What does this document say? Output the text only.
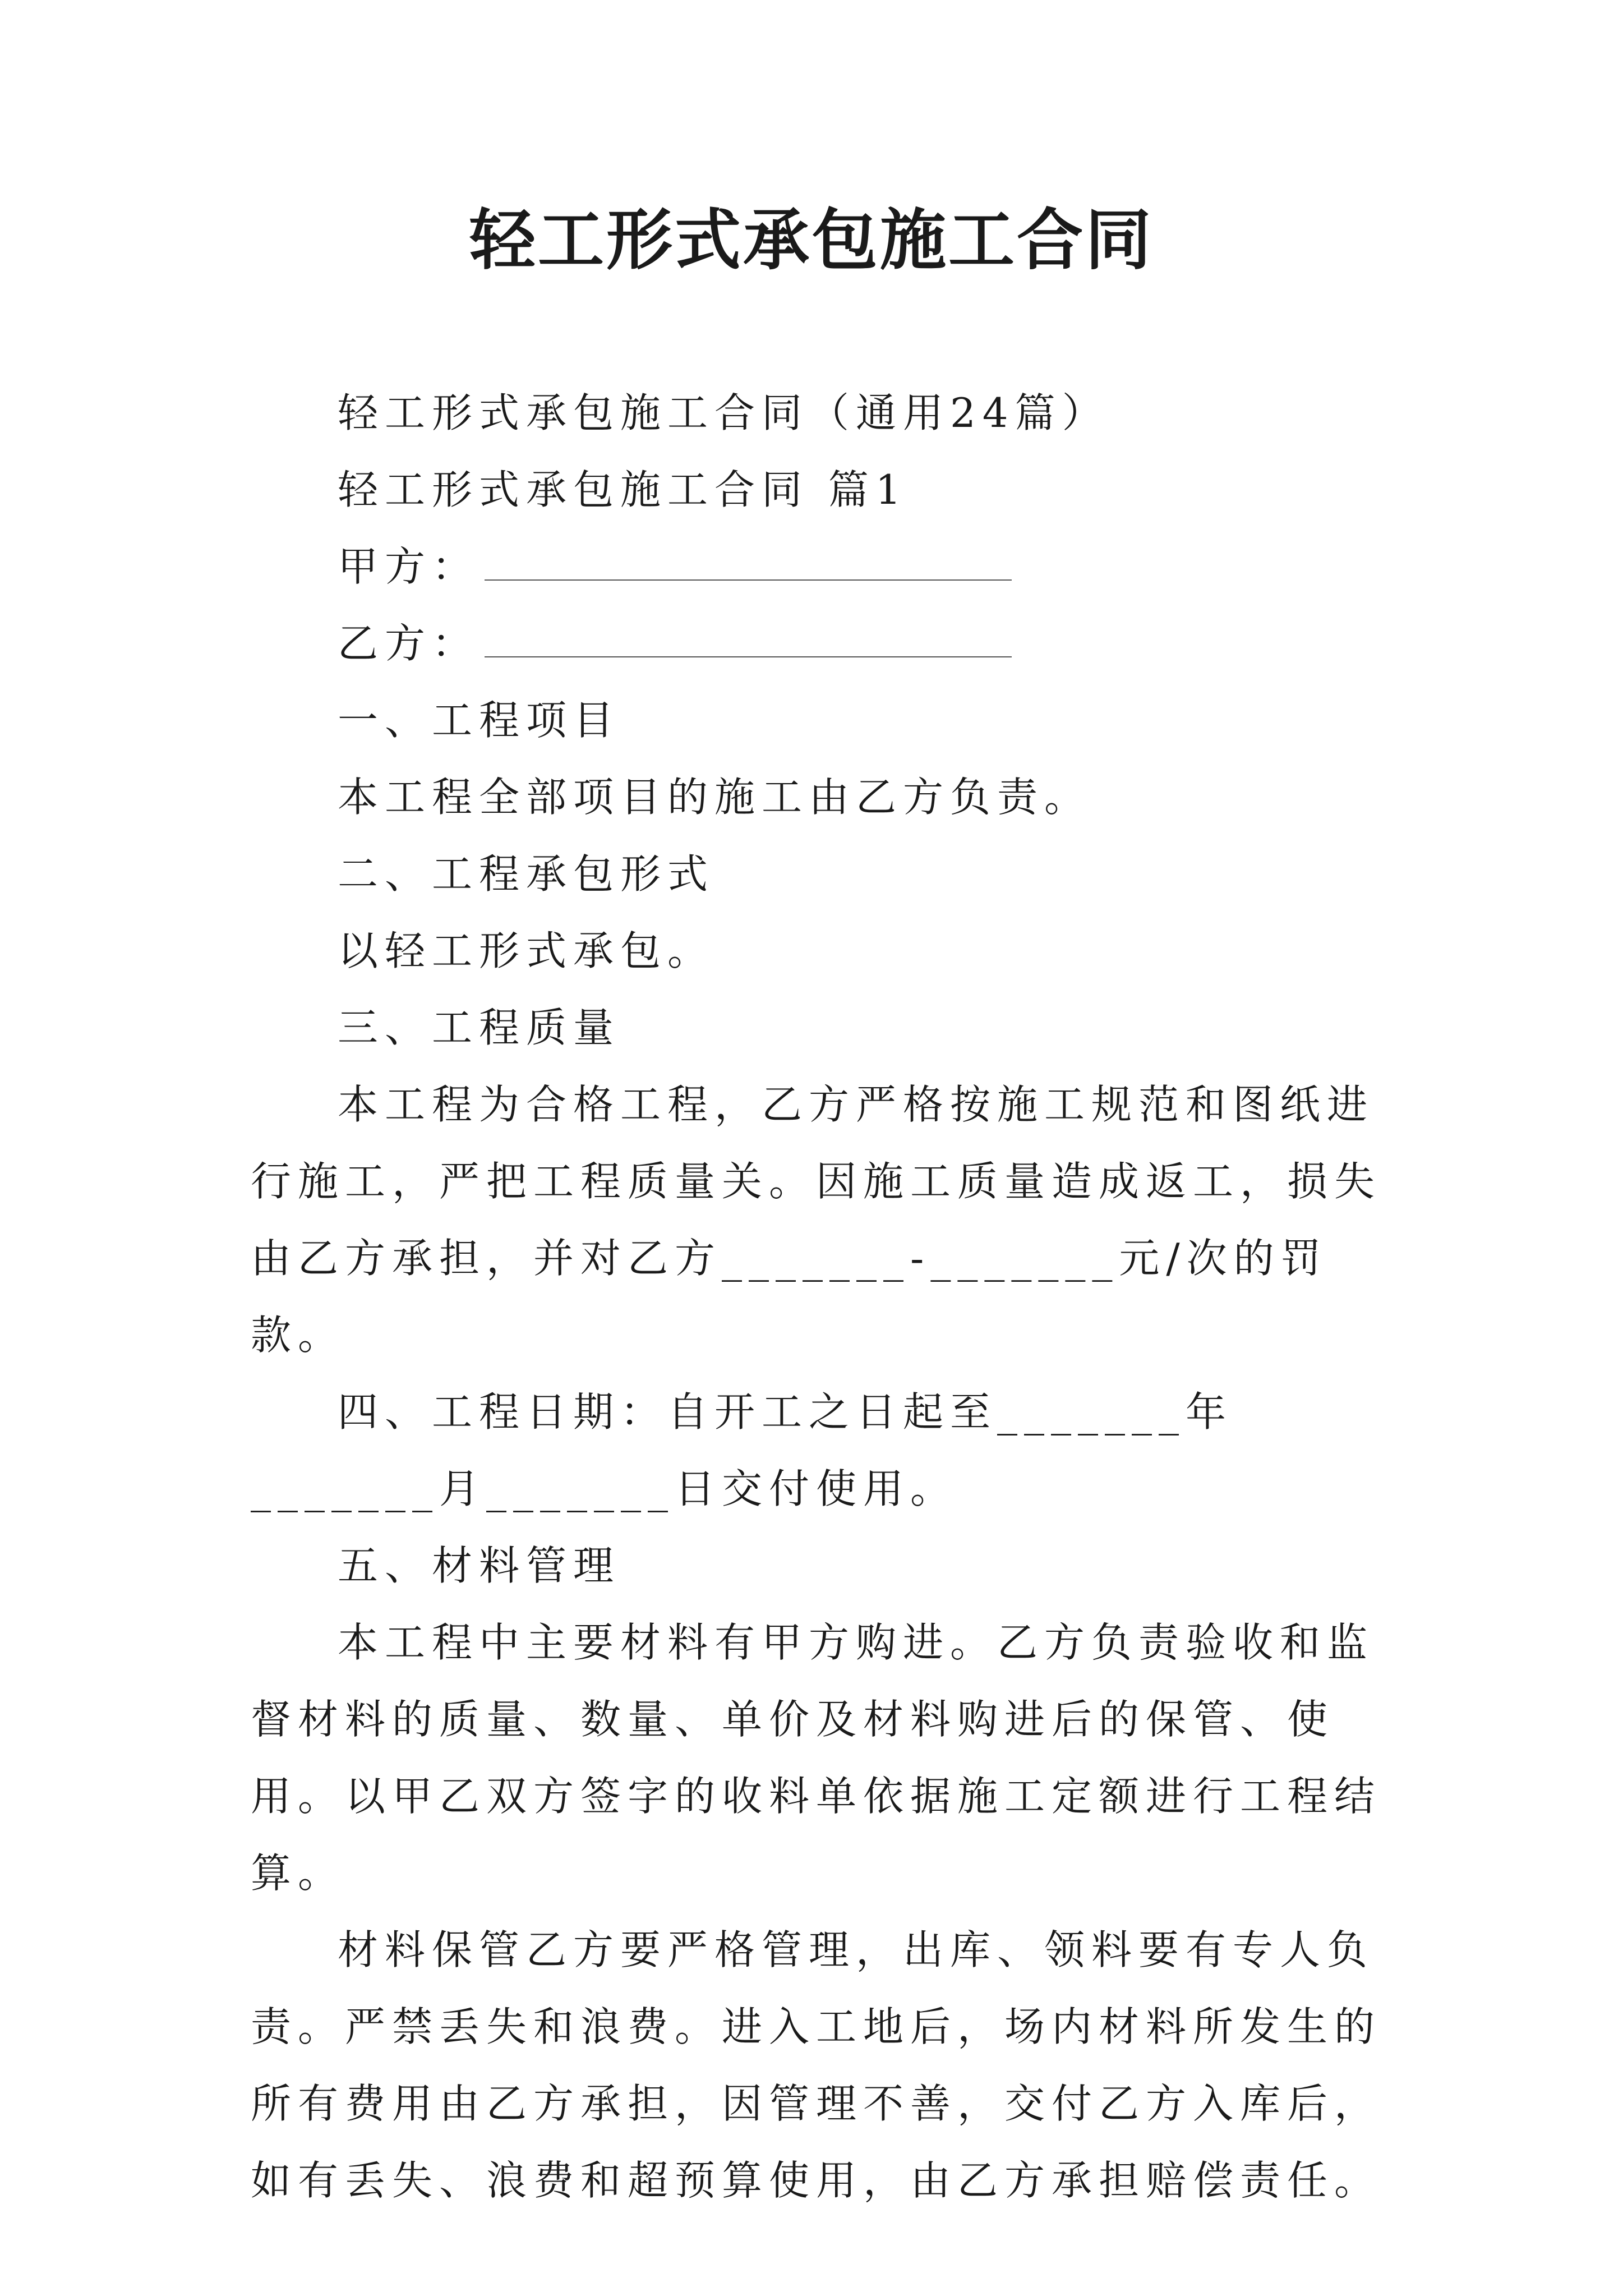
轻工形式承包施工合同

轻工形式承包施工合同（通用24篇）

轻工形式承包施工合同 篇1

甲方：

乙方：

一、工程项目

本工程全部项目的施工由乙方负责。

二、工程承包形式

以轻工形式承包。

三、工程质量

本工程为合格工程，乙方严格按施工规范和图纸进行施工，严把工程质量关。因施工质量造成返工，损失由乙方承担，并对乙方_______-_______元/次的罚款。

四、工程日期：自开工之日起至_______年_______月_______日交付使用。

五、材料管理

本工程中主要材料有甲方购进。乙方负责验收和监督材料的质量、数量、单价及材料购进后的保管、使用。以甲乙双方签字的收料单依据施工定额进行工程结算。

材料保管乙方要严格管理，出库、领料要有专人负责。严禁丢失和浪费。进入工地后，场内材料所发生的所有费用由乙方承担，因管理不善，交付乙方入库后，如有丢失、浪费和超预算使用，由乙方承担赔偿责任。
